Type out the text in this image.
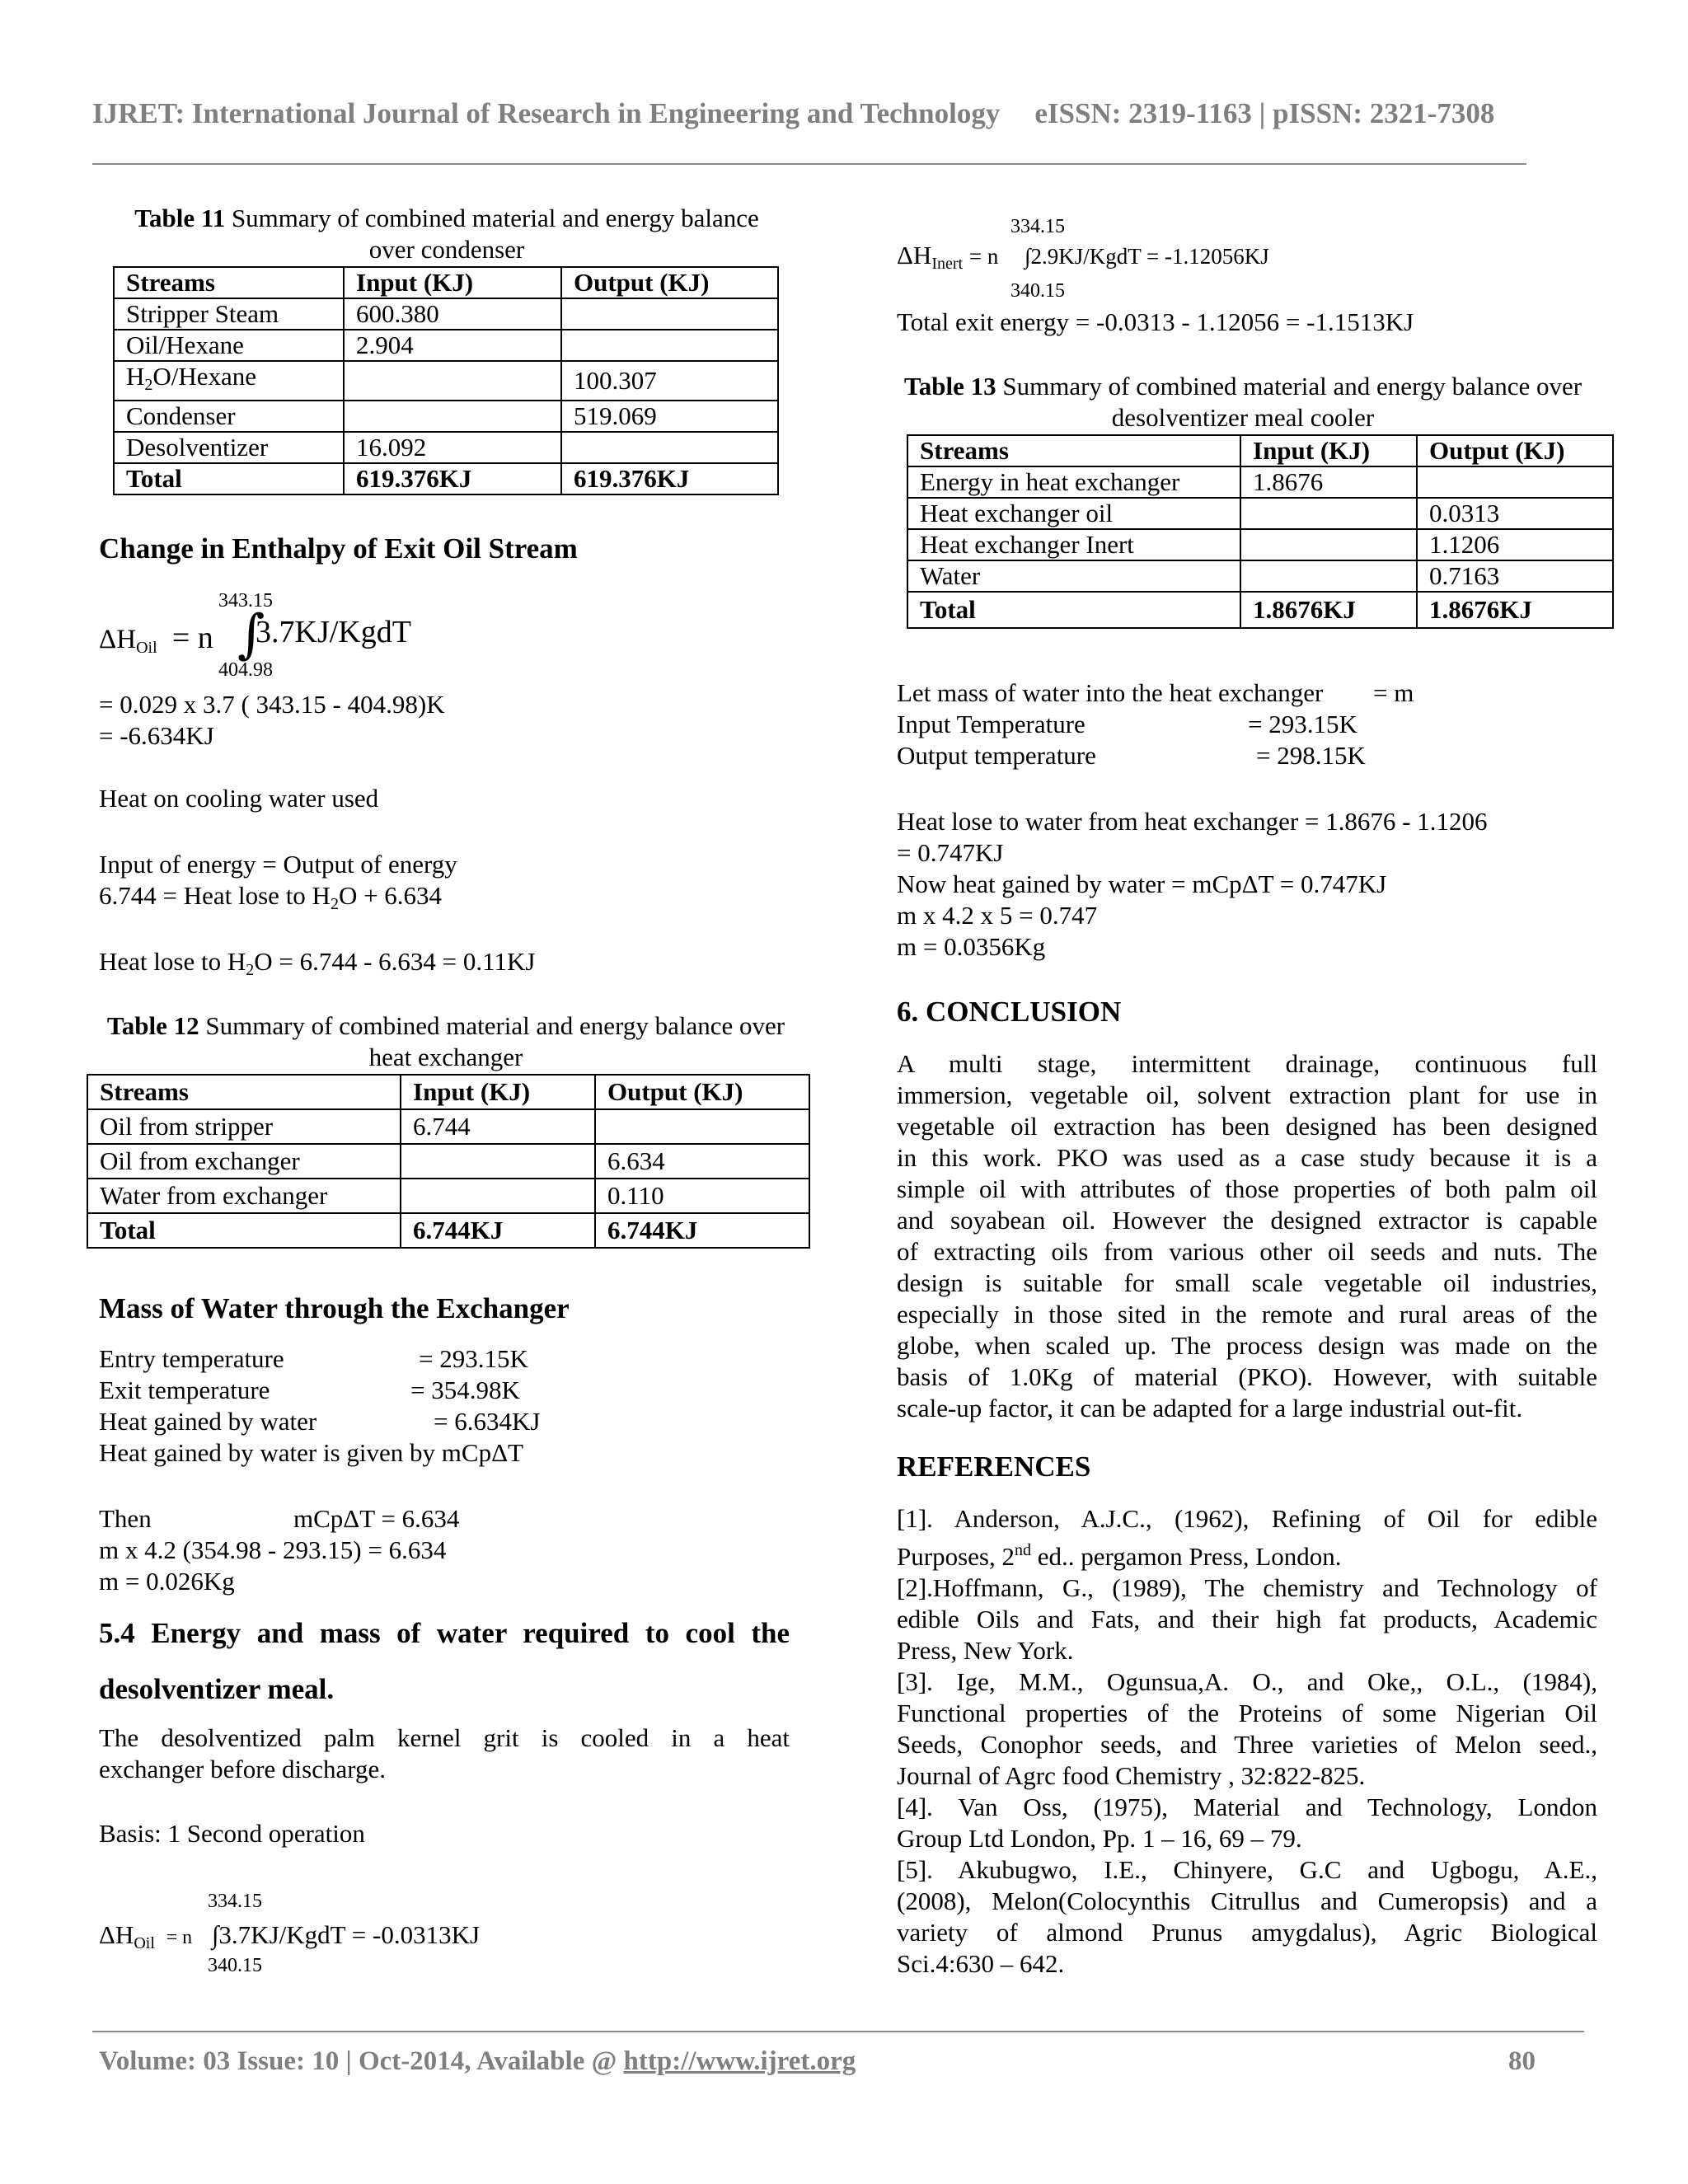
IJRET: International Journal of Research in Engineering and Technology eISSN: 2319-1163 | pISSN: 2321-7308
Table 11 Summary of combined material and energy balance over condenser
Streams	Input (KJ)	Output (KJ)
Stripper Steam	600.380	
Oil/Hexane	2.904	
$H_2O$/Hexane		100.307
Condenser		519.069
Desolventizer	16.092	
Total	619.376KJ	619.376KJ
Change in Enthalpy of Exit Oil Stream
343.15
$\Delta H_{Oil} = n$ ∫
3.7KJ/KgdT
404.98
= 0.029 x 3.7 ( 343.15 - 404.98)K
= -6.634KJ
Heat on cooling water used
Input of energy = Output of energy
6.744 = Heat lose to $H_2O + 6.634$
Heat lose to $H_2O = 6.744 - 6.634 = 0.11KJ$
Table 12 Summary of combined material and energy balance over heat exchanger
Streams	Input (KJ)	Output (KJ)
Oil from stripper	6.744	
Oil from exchanger		6.634
Water from exchanger		0.110
Total	6.744KJ	6.744KJ
Mass of Water through the Exchanger
Entry temperature	= 293.15K
Exit temperature	= 354.98K
Heat gained by water	= 6.634KJ
Heat gained by water is given by mCpΔT
Then	mCpΔT = 6.634
m x 4.2 (354.98 - 293.15) = 6.634
m = 0.026Kg
5.4 Energy and mass of water required to cool the
desolventizer meal.
The desolventized palm kernel grit is cooled in a heat
exchanger before discharge.
Basis: 1 Second operation
334.15
$\Delta H_{Oil} = n$ ∫3.7KJ/KgdT = -0.0313KJ
340.15
334.15
$\Delta H_{Inert} = n$ ∫2.9KJ/KgdT = -1.12056KJ
340.15
Total exit energy = -0.0313 - 1.12056 = -1.1513KJ
Table 13 Summary of combined material and energy balance over desolventizer meal cooler
Streams	Input (KJ)	Output (KJ)
Energy in heat exchanger	1.8676	
Heat exchanger oil		0.0313
Heat exchanger Inert		1.1206
Water		0.7163
Total	1.8676KJ	1.8676KJ
Let mass of water into the heat exchanger = m
Input Temperature	= 293.15K
Output temperature	= 298.15K
Heat lose to water from heat exchanger = 1.8676 - 1.1206
= 0.747KJ
Now heat gained by water = mCpΔT = 0.747KJ
m x 4.2 x 5 = 0.747
m = 0.0356Kg
6. CONCLUSION
A multi stage, intermittent drainage, continuous full
immersion, vegetable oil, solvent extraction plant for use in
vegetable oil extraction has been designed has been designed
in this work. PKO was used as a case study because it is a
simple oil with attributes of those properties of both palm oil
and soyabean oil. However the designed extractor is capable
of extracting oils from various other oil seeds and nuts. The
design is suitable for small scale vegetable oil industries,
especially in those sited in the remote and rural areas of the
globe, when scaled up. The process design was made on the
basis of 1.0Kg of material (PKO). However, with suitable
scale-up factor, it can be adapted for a large industrial out-fit.
REFERENCES
[1]. Anderson, A.J.C., (1962), Refining of Oil for edible
Purposes, 2nd ed.. pergamon Press, London.
[2].Hoffmann, G., (1989), The chemistry and Technology of
edible Oils and Fats, and their high fat products, Academic
Press, New York.
[3]. Ige, M.M., Ogunsua,A. O., and Oke,, O.L., (1984),
Functional properties of the Proteins of some Nigerian Oil
Seeds, Conophor seeds, and Three varieties of Melon seed.,
Journal of Agrc food Chemistry , 32:822-825.
[4]. Van Oss, (1975), Material and Technology, London
Group Ltd London, Pp. 1 – 16, 69 – 79.
[5]. Akubugwo, I.E., Chinyere, G.C and Ugbogu, A.E.,
(2008), Melon(Colocynthis Citrullus and Cumeropsis) and a
variety of almond Prunus amygdalus), Agric Biological
Sci.4:630 – 642.
Volume: 03 Issue: 10 | Oct-2014, Available @ http://www.ijret.org	80
